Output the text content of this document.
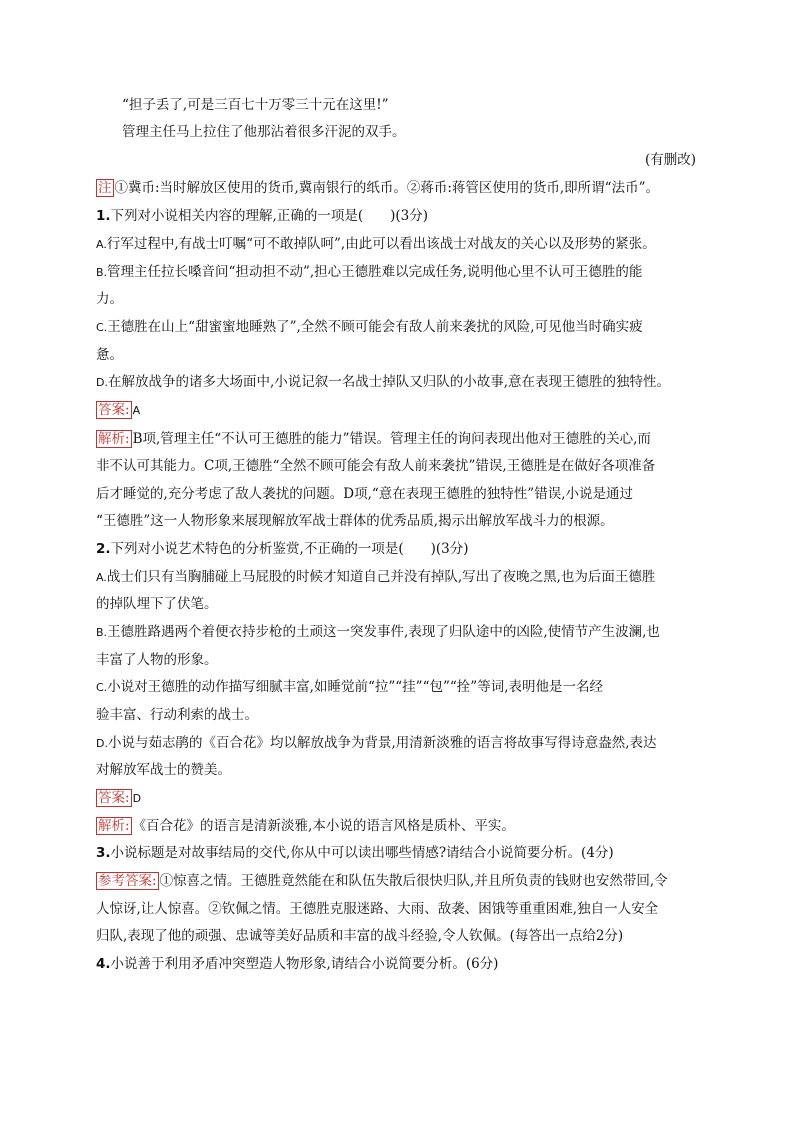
“担子丢了,可是三百七十万零三十元在这里!”
管理主任马上拉住了他那沾着很多汗泥的双手。
(有删改)
注 ①冀币:当时解放区使用的货币,冀南银行的纸币。②蒋币:蒋管区使用的货币,即所谓“法币”。
1.下列对小说相关内容的理解,正确的一项是(　　)(3分)
A.行军过程中,有战士叮嘱“可不敢掉队呵”,由此可以看出该战士对战友的关心以及形势的紧张。
B.管理主任拉长嗓音问“担动担不动”,担心王德胜难以完成任务,说明他心里不认可王德胜的能
力。
C.王德胜在山上“甜蜜蜜地睡熟了”,全然不顾可能会有敌人前来袭扰的风险,可见他当时确实疲
惫。
D.在解放战争的诸多大场面中,小说记叙一名战士掉队又归队的小故事,意在表现王德胜的独特性。
答案: A
解析: B项,管理主任“不认可王德胜的能力”错误。管理主任的询问表现出他对王德胜的关心,而
非不认可其能力。C项,王德胜“全然不顾可能会有敌人前来袭扰”错误,王德胜是在做好各项准备
后才睡觉的,充分考虑了敌人袭扰的问题。D项,“意在表现王德胜的独特性”错误,小说是通过
“王德胜”这一人物形象来展现解放军战士群体的优秀品质,揭示出解放军战斗力的根源。
2.下列对小说艺术特色的分析鉴赏,不正确的一项是(　　)(3分)
A.战士们只有当胸脯碰上马屁股的时候才知道自己并没有掉队,写出了夜晚之黑,也为后面王德胜
的掉队埋下了伏笔。
B.王德胜路遇两个着便衣持步枪的土顽这一突发事件,表现了归队途中的凶险,使情节产生波澜,也
丰富了人物的形象。
C.小说对王德胜的动作描写细腻丰富,如睡觉前“拉”“挂”“包”“拴”等词,表明他是一名经
验丰富、行动利索的战士。
D.小说与茹志鹃的《百合花》均以解放战争为背景,用清新淡雅的语言将故事写得诗意盎然,表达
对解放军战士的赞美。
答案: D
解析: 《百合花》的语言是清新淡雅,本小说的语言风格是质朴、平实。
3.小说标题是对故事结局的交代,你从中可以读出哪些情感?请结合小说简要分析。(4分)
参考答案: ①惊喜之情。王德胜竟然能在和队伍失散后很快归队,并且所负责的钱财也安然带回,令
人惊讶,让人惊喜。②钦佩之情。王德胜克服迷路、大雨、敌袭、困饿等重重困难,独自一人安全
归队,表现了他的顽强、忠诚等美好品质和丰富的战斗经验,令人钦佩。(每答出一点给2分)
4.小说善于利用矛盾冲突塑造人物形象,请结合小说简要分析。(6分)
